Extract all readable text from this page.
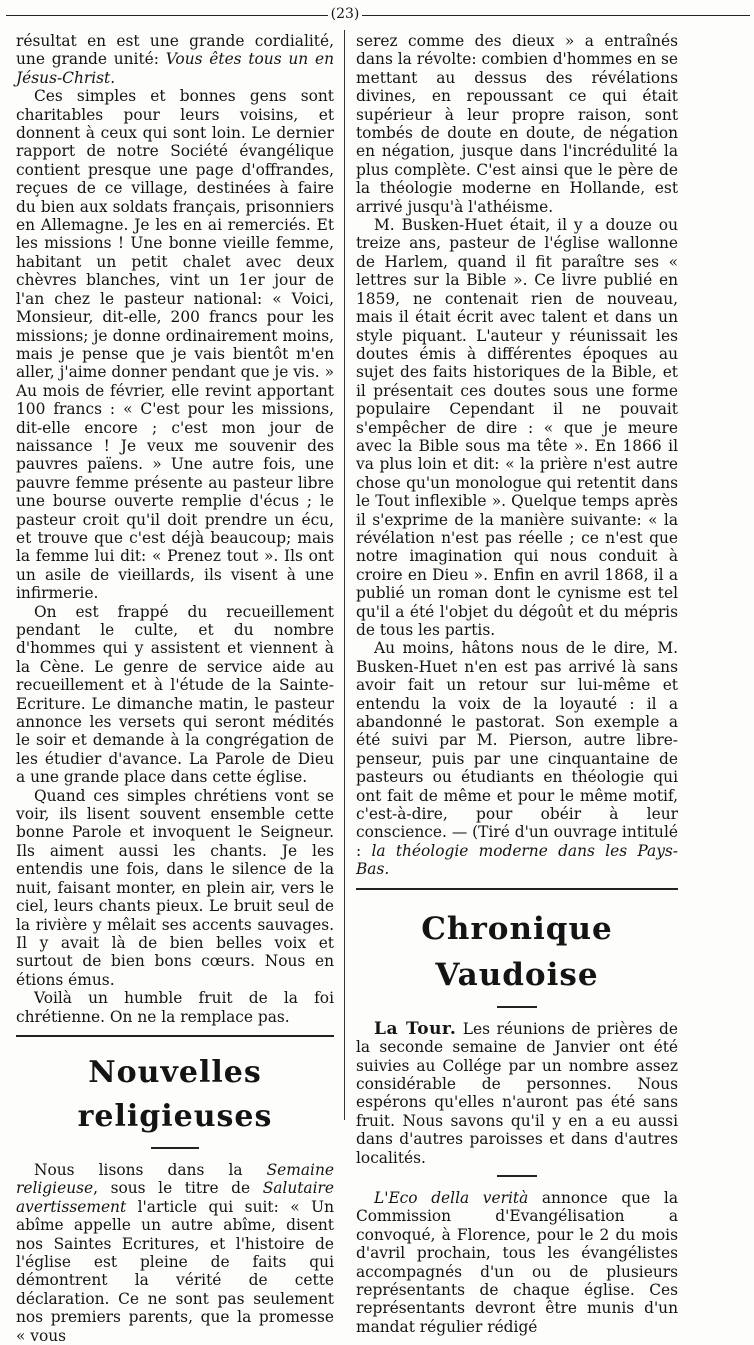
(23)

résultat en est une grande cordialité, une grande unité: Vous êtes tous un en Jésus-Christ.

Ces simples et bonnes gens sont charitables pour leurs voisins, et donnent à ceux qui sont loin. Le dernier rapport de notre Société évangélique contient presque une page d'offrandes, reçues de ce village, destinées à faire du bien aux soldats français, prisonniers en Allemagne. Je les en ai remerciés. Et les missions ! Une bonne vieille femme, habitant un petit chalet avec deux chèvres blanches, vint un 1er jour de l'an chez le pasteur national: « Voici, Monsieur, dit-elle, 200 francs pour les missions; je donne ordinairement moins, mais je pense que je vais bientôt m'en aller, j'aime donner pendant que je vis. » Au mois de février, elle revint apportant 100 francs : « C'est pour les missions, dit-elle encore ; c'est mon jour de naissance ! Je veux me souvenir des pauvres païens. » Une autre fois, une pauvre femme présente au pasteur libre une bourse ouverte remplie d'écus ; le pasteur croit qu'il doit prendre un écu, et trouve que c'est déjà beaucoup; mais la femme lui dit: « Prenez tout ». Ils ont un asile de vieillards, ils visent à une infirmerie.

On est frappé du recueillement pendant le culte, et du nombre d'hommes qui y assistent et viennent à la Cène. Le genre de service aide au recueillement et à l'étude de la Sainte-Ecriture. Le dimanche matin, le pasteur annonce les versets qui seront médités le soir et demande à la congrégation de les étudier d'avance. La Parole de Dieu a une grande place dans cette église.

Quand ces simples chrétiens vont se voir, ils lisent souvent ensemble cette bonne Parole et invoquent le Seigneur. Ils aiment aussi les chants. Je les entendis une fois, dans le silence de la nuit, faisant monter, en plein air, vers le ciel, leurs chants pieux. Le bruit seul de la rivière y mêlait ses accents sauvages. Il y avait là de bien belles voix et surtout de bien bons cœurs. Nous en étions émus.

Voilà un humble fruit de la foi chrétienne. On ne la remplace pas.

Nouvelles religieuses

Nous lisons dans la Semaine religieuse, sous le titre de Salutaire avertissement l'article qui suit: « Un abîme appelle un autre abîme, disent nos Saintes Ecritures, et l'histoire de l'église est pleine de faits qui démontrent la vérité de cette déclaration. Ce ne sont pas seulement nos premiers parents, que la promesse « vous

serez comme des dieux » a entraînés dans la révolte: combien d'hommes en se mettant au dessus des révélations divines, en repoussant ce qui était supérieur à leur propre raison, sont tombés de doute en doute, de négation en négation, jusque dans l'incrédulité la plus complète. C'est ainsi que le père de la théologie moderne en Hollande, est arrivé jusqu'à l'athéisme.

M. Busken-Huet était, il y a douze ou treize ans, pasteur de l'église wallonne de Harlem, quand il fit paraître ses « lettres sur la Bible ». Ce livre publié en 1859, ne contenait rien de nouveau, mais il était écrit avec talent et dans un style piquant. L'auteur y réunissait les doutes émis à différentes époques au sujet des faits historiques de la Bible, et il présentait ces doutes sous une forme populaire Cependant il ne pouvait s'empêcher de dire : « que je meure avec la Bible sous ma tête ». En 1866 il va plus loin et dit: « la prière n'est autre chose qu'un monologue qui retentit dans le Tout inflexible ». Quelque temps après il s'exprime de la manière suivante: « la révélation n'est pas réelle ; ce n'est que notre imagination qui nous conduit à croire en Dieu ». Enfin en avril 1868, il a publié un roman dont le cynisme est tel qu'il a été l'objet du dégoût et du mépris de tous les partis.

Au moins, hâtons nous de le dire, M. Busken-Huet n'en est pas arrivé là sans avoir fait un retour sur lui-même et entendu la voix de la loyauté : il a abandonné le pastorat. Son exemple a été suivi par M. Pierson, autre libre-penseur, puis par une cinquantaine de pasteurs ou étudiants en théologie qui ont fait de même et pour le même motif, c'est-à-dire, pour obéir à leur conscience. — (Tiré d'un ouvrage intitulé : la théologie moderne dans les Pays-Bas.

Chronique Vaudoise

La Tour. Les réunions de prières de la seconde semaine de Janvier ont été suivies au Collége par un nombre assez considérable de personnes. Nous espérons qu'elles n'auront pas été sans fruit. Nous savons qu'il y en a eu aussi dans d'autres paroisses et dans d'autres localités.

L'Eco della verità annonce que la Commission d'Evangélisation a convoqué, à Florence, pour le 2 du mois d'avril prochain, tous les évangélistes accompagnés d'un ou de plusieurs représentants de chaque église. Ces représentants devront être munis d'un mandat régulier rédigé
